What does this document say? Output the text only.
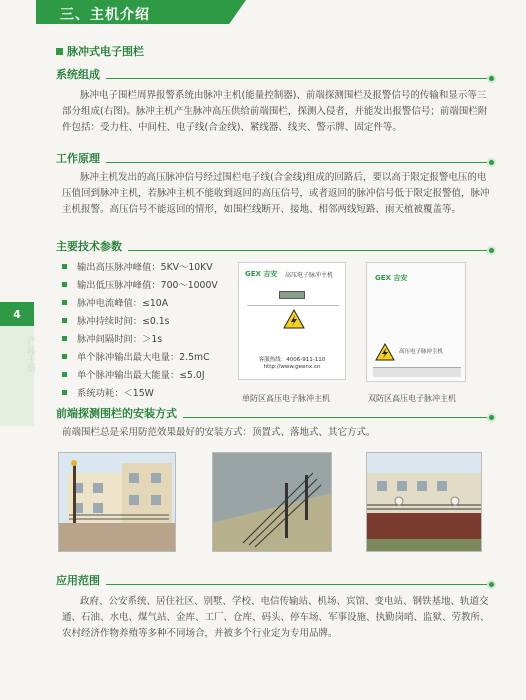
三、主机介绍
4
产品手册
脉冲式电子围栏
系统组成
脉冲电子围栏周界报警系统由脉冲主机(能量控制器)、前端探测围栏及报警信号的传输和显示等三部分组成(右图)。脉冲主机产生脉冲高压供给前端围栏，探测入侵者，并能发出报警信号；前端围栏附件包括：受力柱、中间柱、电子线(合金线)、紧线器、线夹、警示牌、固定件等。
工作原理
脉冲主机发出的高压脉冲信号经过围栏电子线(合金线)组成的回路后，要以高于限定报警电压的电压值回到脉冲主机，若脉冲主机不能收到返回的高压信号，或者返回的脉冲信号低于限定报警值，脉冲主机报警。高压信号不能返回的情形，如围栏线断开、接地、相邻两线短路、雨天植被覆盖等。
主要技术参数
输出高压脉冲峰值：5KV～10KV
输出低压脉冲峰值：700～1000V
脉冲电流峰值：≤10A
脉冲持续时间：≤0.1s
脉冲间隔时间：＞1s
单个脉冲输出最大电量：2.5mC
单个脉冲输出最大能量：≤5.0J
系统功耗：＜15W
GEX 吉安 高压电子脉冲主机
客服热线：4006-911-110
http://www.geenx.cn
单防区高压电子脉冲主机
GEX 吉安
高压电子脉冲主机
双防区高压电子脉冲主机
前端探测围栏的安装方式
前端围栏总是采用防范效果最好的安装方式：顶置式、落地式、其它方式。
应用范围
政府、公安系统、居住社区、别墅、学校、电信传输站、机场、宾馆、变电站、钢铁基地、轨道交通、石油、水电、煤气站、金库、工厂、仓库、码头、停车场、军事设施、执勤岗哨、监狱、劳教所、农村经济作物养殖等多种不同场合，并被多个行业定为专用品牌。
